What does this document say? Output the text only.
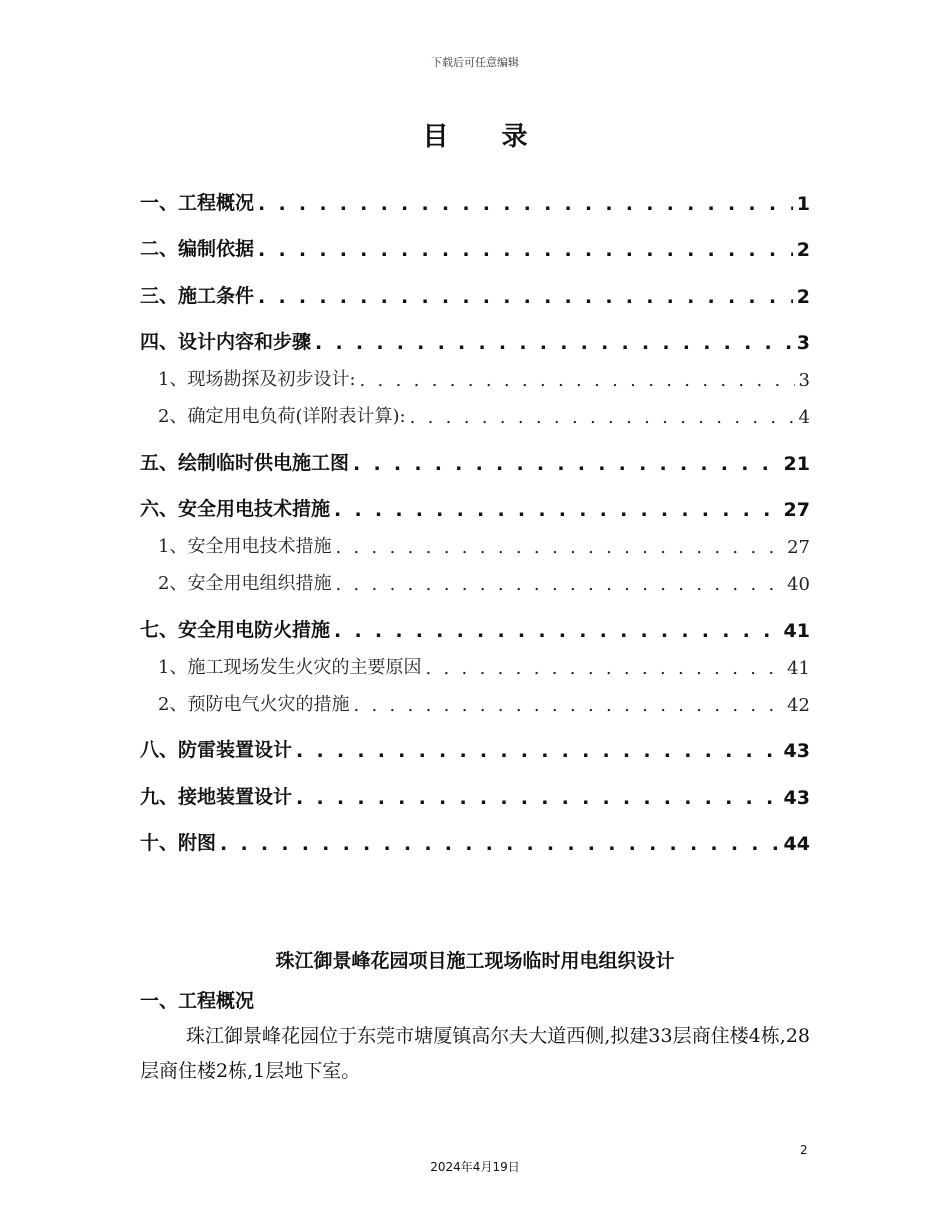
下载后可任意编辑
目 录
一、工程概况 . . .	1
二、编制依据 . . .	2
三、施工条件 . . .	2
四、设计内容和步骤 . . .	3
1、现场勘探及初步设计: . . .	3
2、确定用电负荷(详附表计算): . . .	4
五、绘制临时供电施工图 . . .	21
六、安全用电技术措施 . . .	27
1、安全用电技术措施 . . .	27
2、安全用电组织措施 . . .	40
七、安全用电防火措施 . . .	41
1、施工现场发生火灾的主要原因 . . .	41
2、预防电气火灾的措施 . . .	42
八、防雷装置设计 . . .	43
九、接地装置设计 . . .	43
十、附图 . . .	44
珠江御景峰花园项目施工现场临时用电组织设计
一、工程概况
珠江御景峰花园位于东莞市塘厦镇高尔夫大道西侧,拟建33层商住楼4栋,28层商住楼2栋,1层地下室。
2
2024年4月19日
